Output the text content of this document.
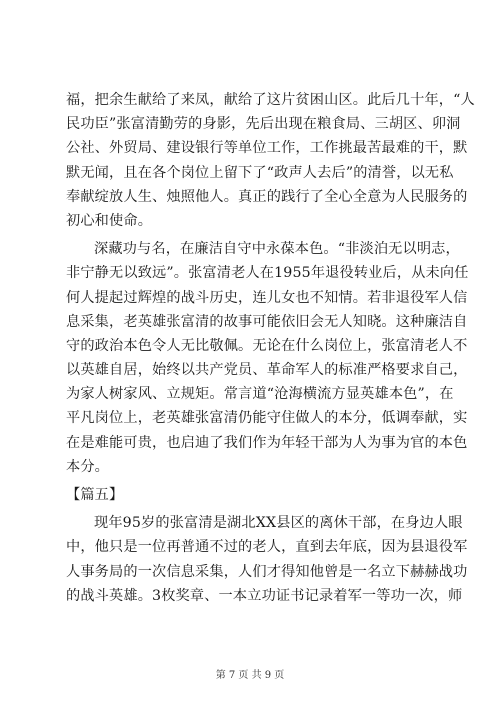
福，把余生献给了来凤，献给了这片贫困山区。此后几十年，“人
民功臣”张富清勤劳的身影，先后出现在粮食局、三胡区、卯洞
公社、外贸局、建设银行等单位工作，工作挑最苦最难的干，默
默无闻，且在各个岗位上留下了“政声人去后”的清誉，以无私
奉献绽放人生、烛照他人。真正的践行了全心全意为人民服务的
初心和使命。
深藏功与名，在廉洁自守中永葆本色。“非淡泊无以明志，
非宁静无以致远”。张富清老人在1955年退役转业后，从未向任
何人提起过辉煌的战斗历史，连儿女也不知情。若非退役军人信
息采集，老英雄张富清的故事可能依旧会无人知晓。这种廉洁自
守的政治本色令人无比敬佩。无论在什么岗位上，张富清老人不
以英雄自居，始终以共产党员、革命军人的标准严格要求自己，
为家人树家风、立规矩。常言道“沧海横流方显英雄本色”，在
平凡岗位上，老英雄张富清仍能守住做人的本分，低调奉献，实
在是难能可贵，也启迪了我们作为年轻干部为人为事为官的本色
本分。
【篇五】
现年95岁的张富清是湖北XX县区的离休干部，在身边人眼
中，他只是一位再普通不过的老人，直到去年底，因为县退役军
人事务局的一次信息采集，人们才得知他曾是一名立下赫赫战功
的战斗英雄。3枚奖章、一本立功证书记录着军一等功一次，师
第 7 页 共 9 页
